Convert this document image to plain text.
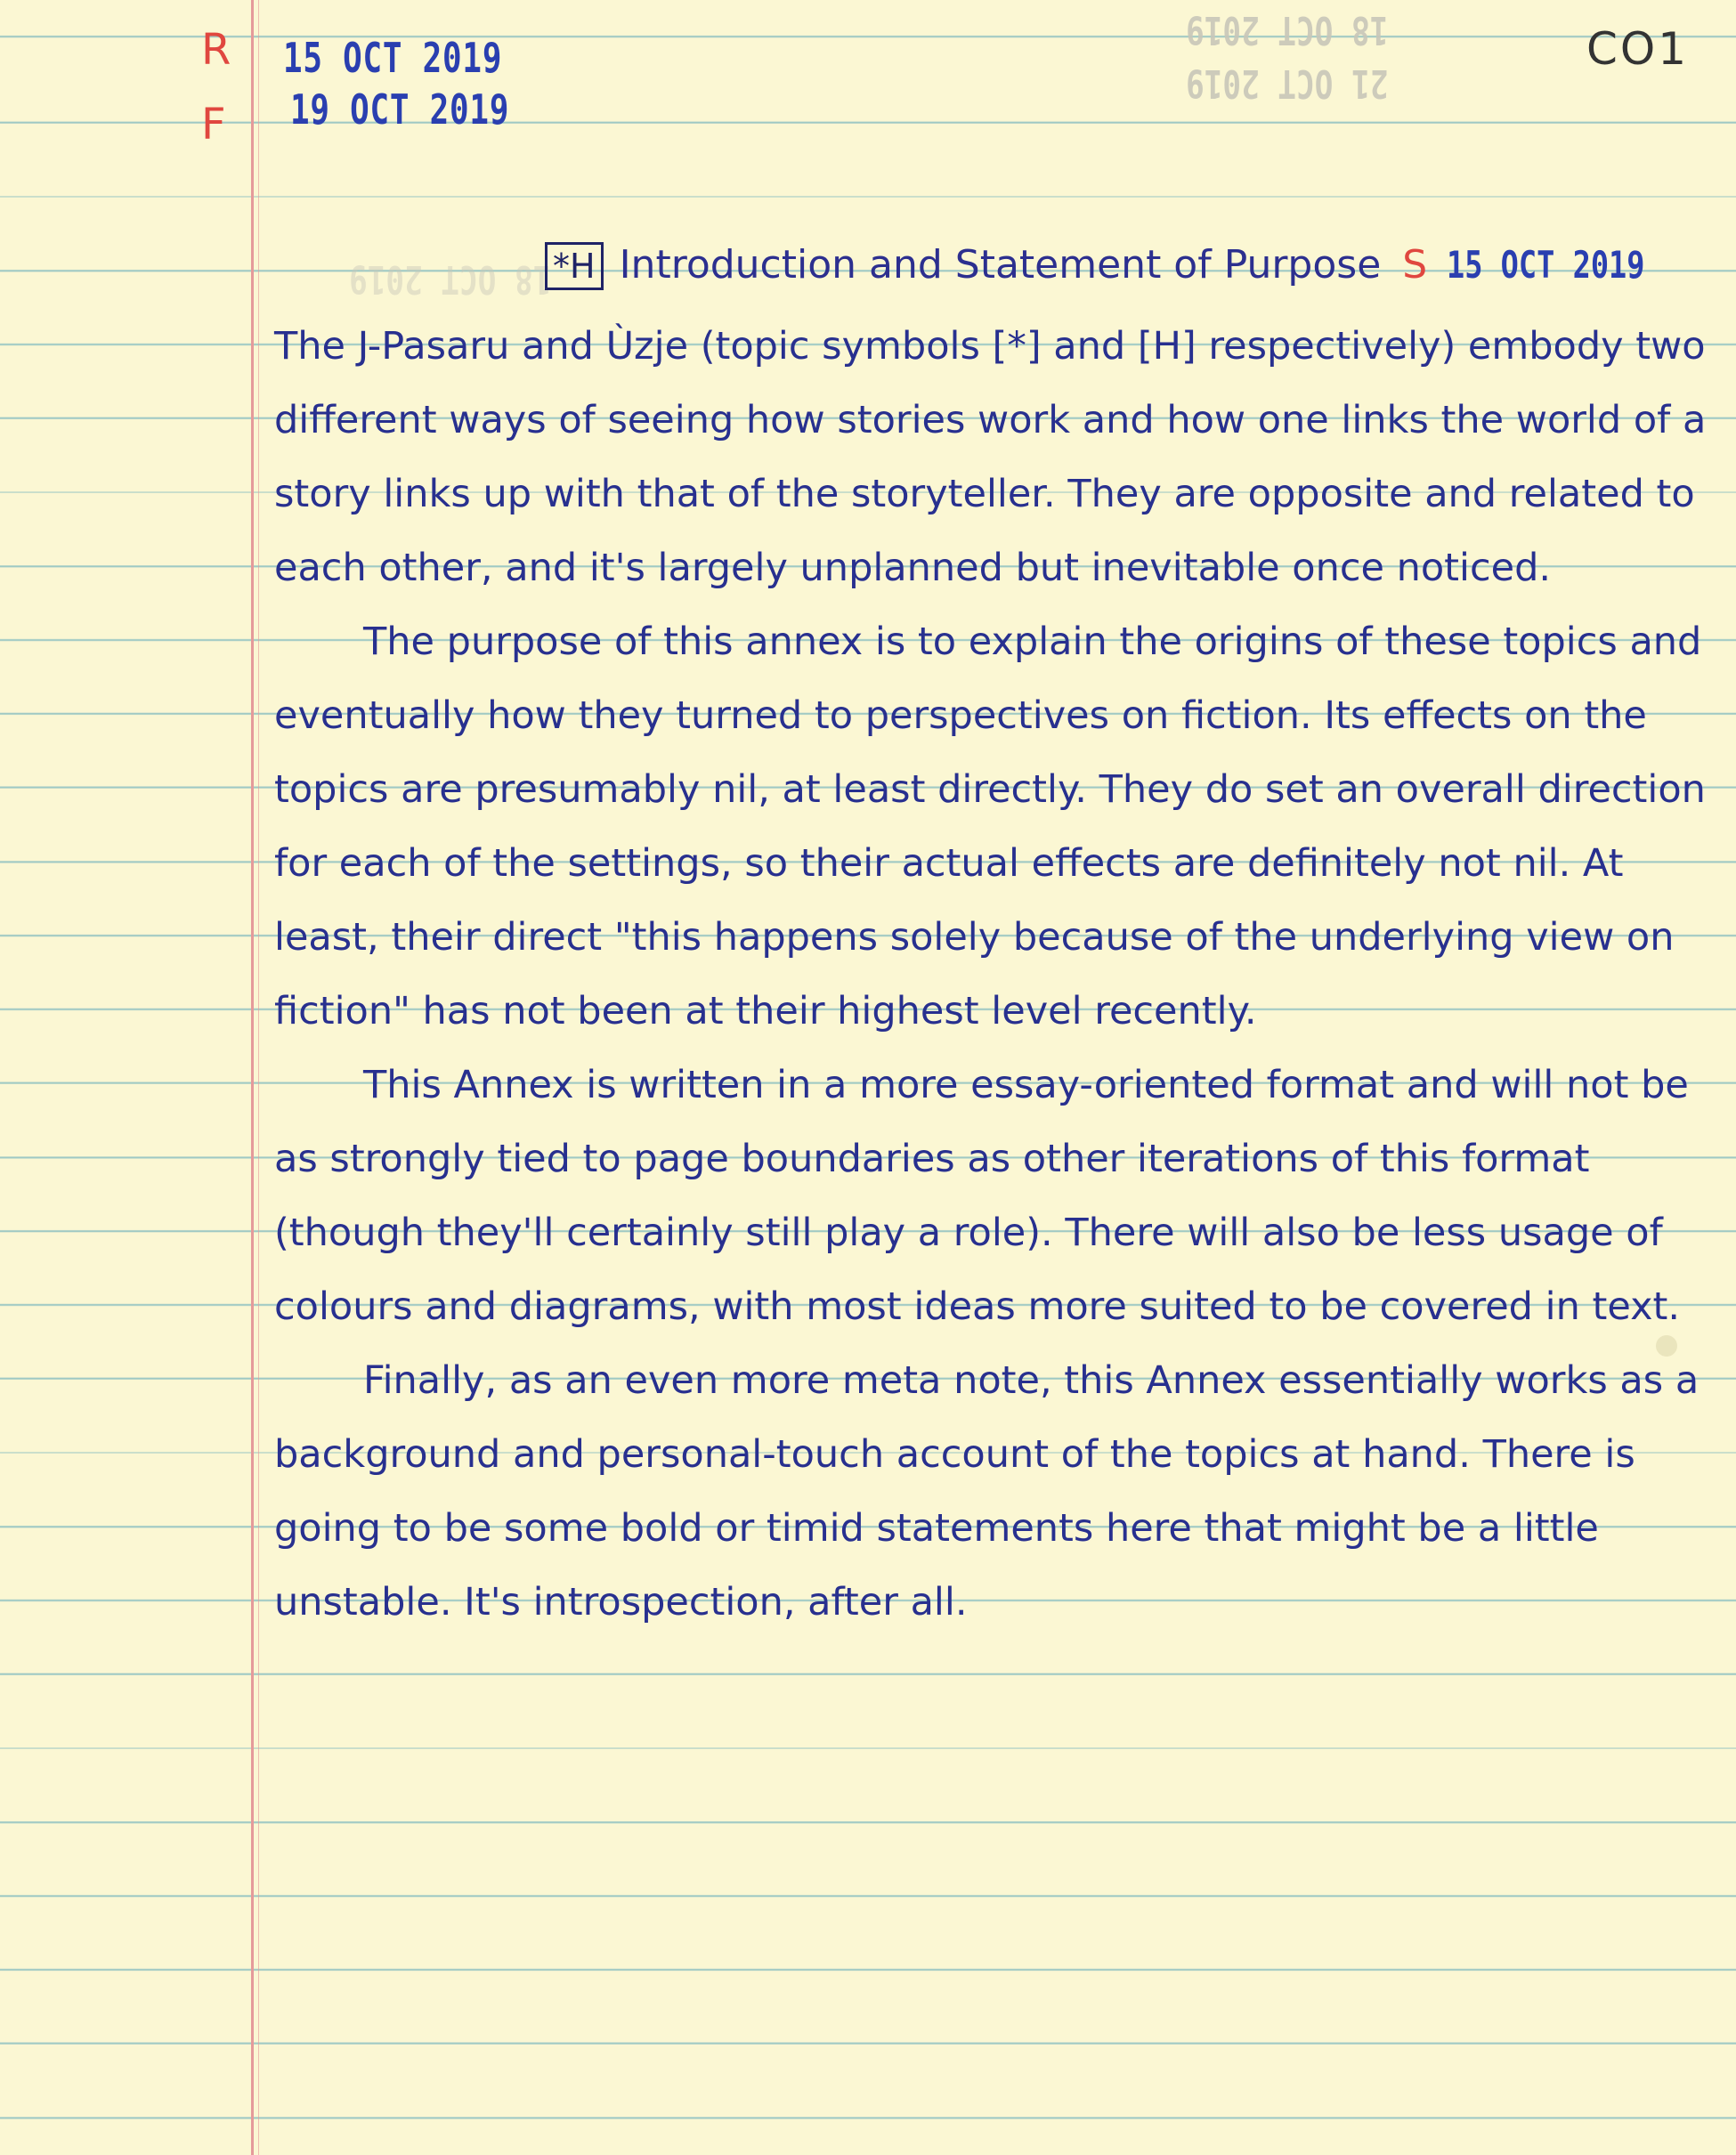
R
F
15 OCT 2019
19 OCT 2019
18 OCT 2019
21 OCT 2019
18 OCT 2019
CO1
*H Introduction and Statement of Purpose S 15 OCT 2019

The J-Pasaru and Ùzje (topic symbols [*] and [H] respectively) embody two different ways of seeing how stories work and how one links the world of a story links up with that of the storyteller. They are opposite and related to each other, and it's largely unplanned but inevitable once noticed.

The purpose of this annex is to explain the origins of these topics and eventually how they turned to perspectives on fiction. Its effects on the topics are presumably nil, at least directly. They do set an overall direction for each of the settings, so their actual effects are definitely not nil. At least, their direct "this happens solely because of the underlying view on fiction" has not been at their highest level recently.

This Annex is written in a more essay-oriented format and will not be as strongly tied to page boundaries as other iterations of this format (though they'll certainly still play a role). There will also be less usage of colours and diagrams, with most ideas more suited to be covered in text.

Finally, as an even more meta note, this Annex essentially works as a background and personal-touch account of the topics at hand. There is going to be some bold or timid statements here that might be a little unstable. It's introspection, after all.
